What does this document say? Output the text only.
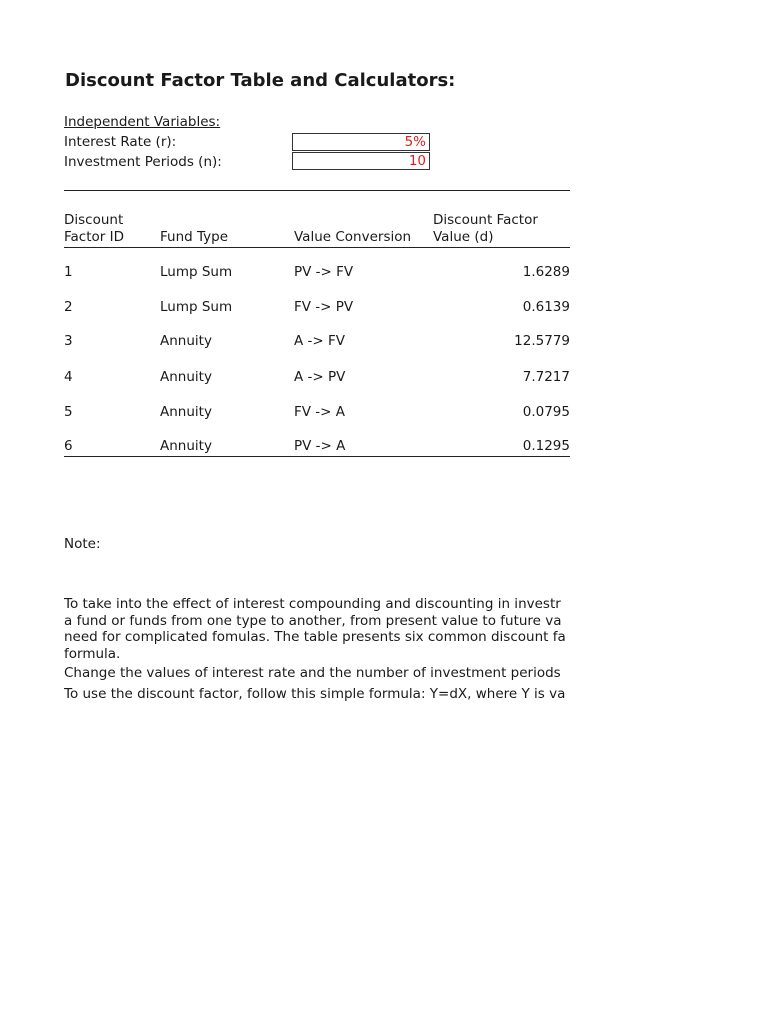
Discount Factor Table and Calculators:
Independent Variables:
Interest Rate (r):	5%
Investment Periods (n):	10
Discount
Factor ID	Fund Type	Value Conversion
Discount Factor
Value (d)
1	Lump Sum	PV -> FV	1.6289
2	Lump Sum	FV -> PV	0.6139
3	Annuity	A -> FV	12.5779
4	Annuity	A -> PV	7.7217
5	Annuity	FV -> A	0.0795
6	Annuity	PV -> A	0.1295
Note:
To take into the effect of interest compounding and discounting in investr
a fund or funds from one type to another, from present value to future va
need for complicated fomulas. The table presents six common discount fa
formula.
Change the values of interest rate and the number of investment periods
To use the discount factor, follow this simple formula: Y=dX, where Y is va
